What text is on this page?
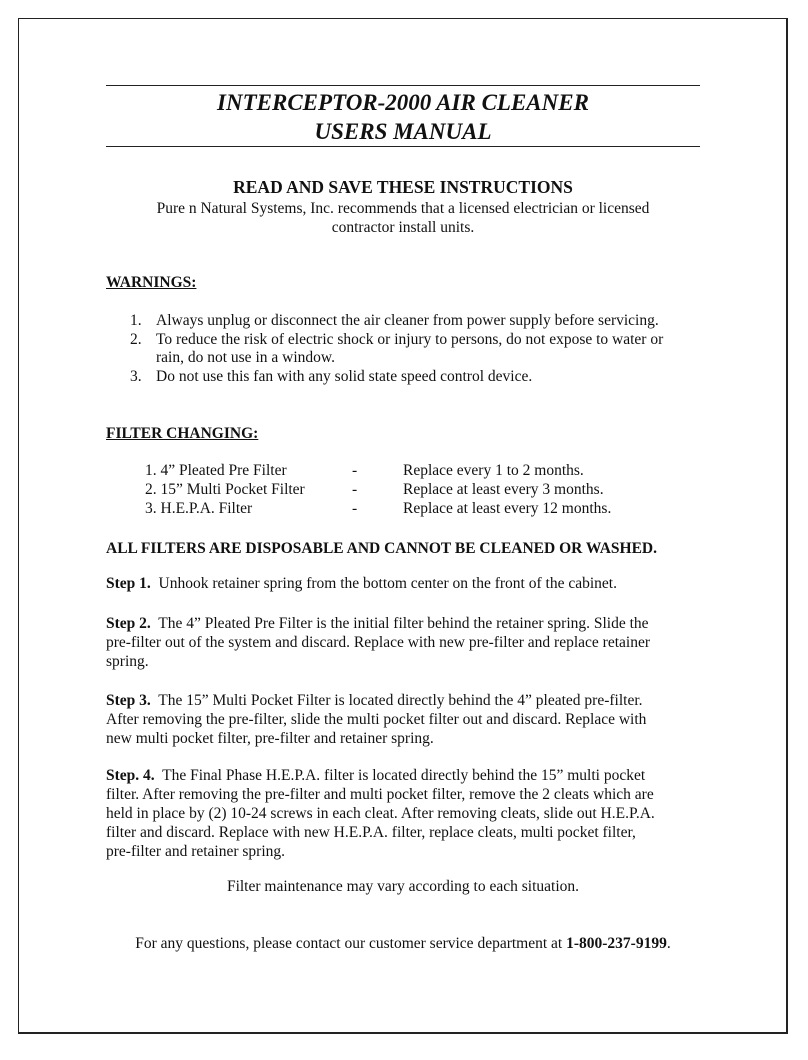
INTERCEPTOR-2000 AIR CLEANER
USERS MANUAL
READ AND SAVE THESE INSTRUCTIONS
Pure n Natural Systems, Inc. recommends that a licensed electrician or licensed
contractor install units.
WARNINGS:
1. Always unplug or disconnect the air cleaner from power supply before servicing.
2. To reduce the risk of electric shock or injury to persons, do not expose to water or
rain, do not use in a window.
3. Do not use this fan with any solid state speed control device.
FILTER CHANGING:
1. 4” Pleated Pre Filter	-	Replace every 1 to 2 months.
2. 15” Multi Pocket Filter	-	Replace at least every 3 months.
3. H.E.P.A. Filter	-	Replace at least every 12 months.
ALL FILTERS ARE DISPOSABLE AND CANNOT BE CLEANED OR WASHED.
Step 1. Unhook retainer spring from the bottom center on the front of the cabinet.
Step 2. The 4” Pleated Pre Filter is the initial filter behind the retainer spring. Slide the
pre-filter out of the system and discard. Replace with new pre-filter and replace retainer
spring.
Step 3. The 15” Multi Pocket Filter is located directly behind the 4” pleated pre-filter.
After removing the pre-filter, slide the multi pocket filter out and discard. Replace with
new multi pocket filter, pre-filter and retainer spring.
Step. 4. The Final Phase H.E.P.A. filter is located directly behind the 15” multi pocket
filter. After removing the pre-filter and multi pocket filter, remove the 2 cleats which are
held in place by (2) 10-24 screws in each cleat. After removing cleats, slide out H.E.P.A.
filter and discard. Replace with new H.E.P.A. filter, replace cleats, multi pocket filter,
pre-filter and retainer spring.
Filter maintenance may vary according to each situation.
For any questions, please contact our customer service department at 1-800-237-9199.
